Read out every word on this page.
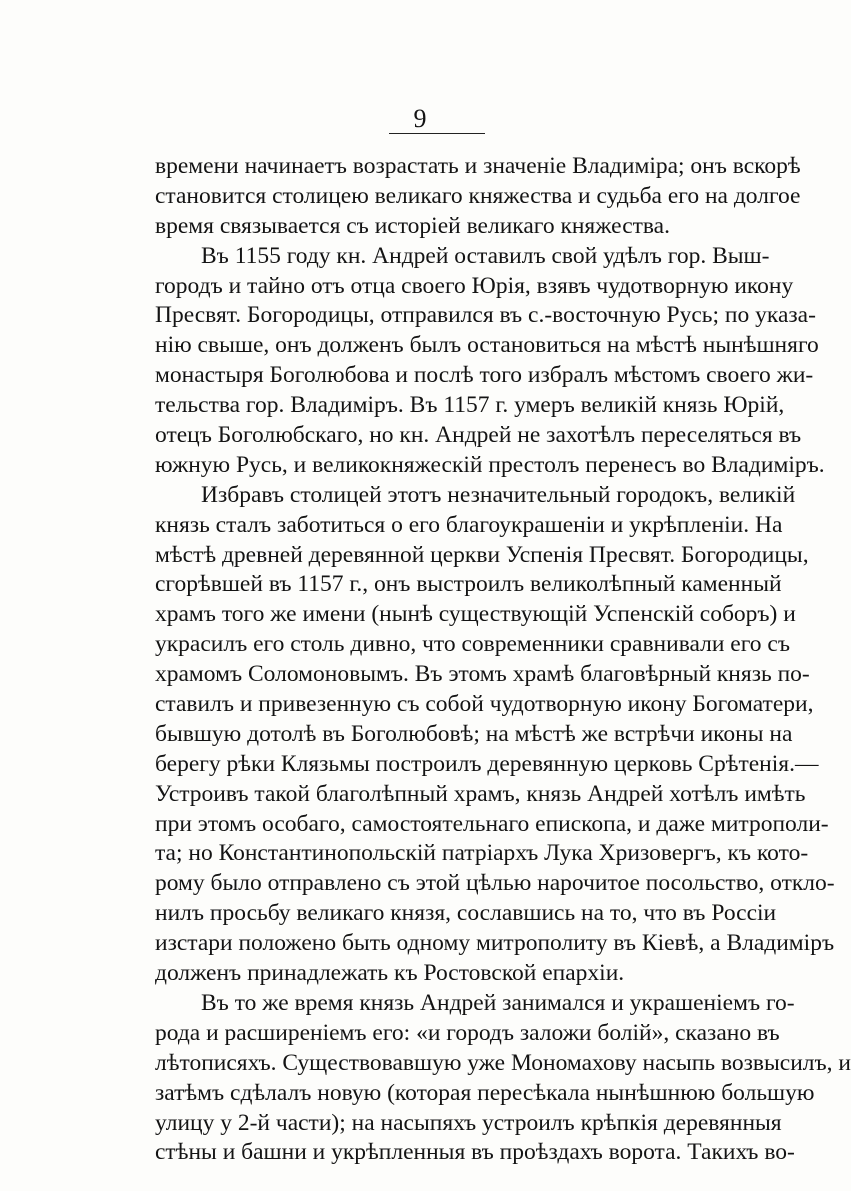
9
времени начинаетъ возрастать и значеніе Владиміра; онъ вскорѣ
становится столицею великаго княжества и судьба его на долгое
время связывается съ исторіей великаго княжества.
Въ 1155 году кн. Андрей оставилъ свой удѣлъ гор. Выш-
городъ и тайно отъ отца своего Юрія, взявъ чудотворную икону
Пресвят. Богородицы, отправился въ с.-восточную Русь; по указа-
нію свыше, онъ долженъ былъ остановиться на мѣстѣ нынѣшняго
монастыря Боголюбова и послѣ того избралъ мѣстомъ своего жи-
тельства гор. Владиміръ. Въ 1157 г. умеръ великій князь Юрій,
отецъ Боголюбскаго, но кн. Андрей не захотѣлъ переселяться въ
южную Русь, и великокняжескій престолъ перенесъ во Владиміръ.
Избравъ столицей этотъ незначительный городокъ, великій
князь сталъ заботиться о его благоукрашеніи и укрѣпленіи. На
мѣстѣ древней деревянной церкви Успенія Пресвят. Богородицы,
сгорѣвшей въ 1157 г., онъ выстроилъ великолѣпный каменный
храмъ того же имени (нынѣ существующій Успенскій соборъ) и
украсилъ его столь дивно, что современники сравнивали его съ
храмомъ Соломоновымъ. Въ этомъ храмѣ благовѣрный князь по-
ставилъ и привезенную съ собой чудотворную икону Богоматери,
бывшую дотолѣ въ Боголюбовѣ; на мѣстѣ же встрѣчи иконы на
берегу рѣки Клязьмы построилъ деревянную церковь Срѣтенія.—
Устроивъ такой благолѣпный храмъ, князь Андрей хотѣлъ имѣть
при этомъ особаго, самостоятельнаго епископа, и даже митрополи-
та; но Константинопольскій патріархъ Лука Хризовергъ, къ кото-
рому было отправлено съ этой цѣлью нарочитое посольство, откло-
нилъ просьбу великаго князя, сославшись на то, что въ Россіи
изстари положено быть одному митрополиту въ Кіевѣ, а Владиміръ
долженъ принадлежать къ Ростовской епархіи.
Въ то же время князь Андрей занимался и украшеніемъ го-
рода и расширеніемъ его: «и городъ заложи болій», сказано въ
лѣтописяхъ. Существовавшую уже Мономахову насыпь возвысилъ, и
затѣмъ сдѣлалъ новую (которая пересѣкала нынѣшнюю большую
улицу у 2-й части); на насыпяхъ устроилъ крѣпкія деревянныя
стѣны и башни и укрѣпленныя въ проѣздахъ ворота. Такихъ во-
